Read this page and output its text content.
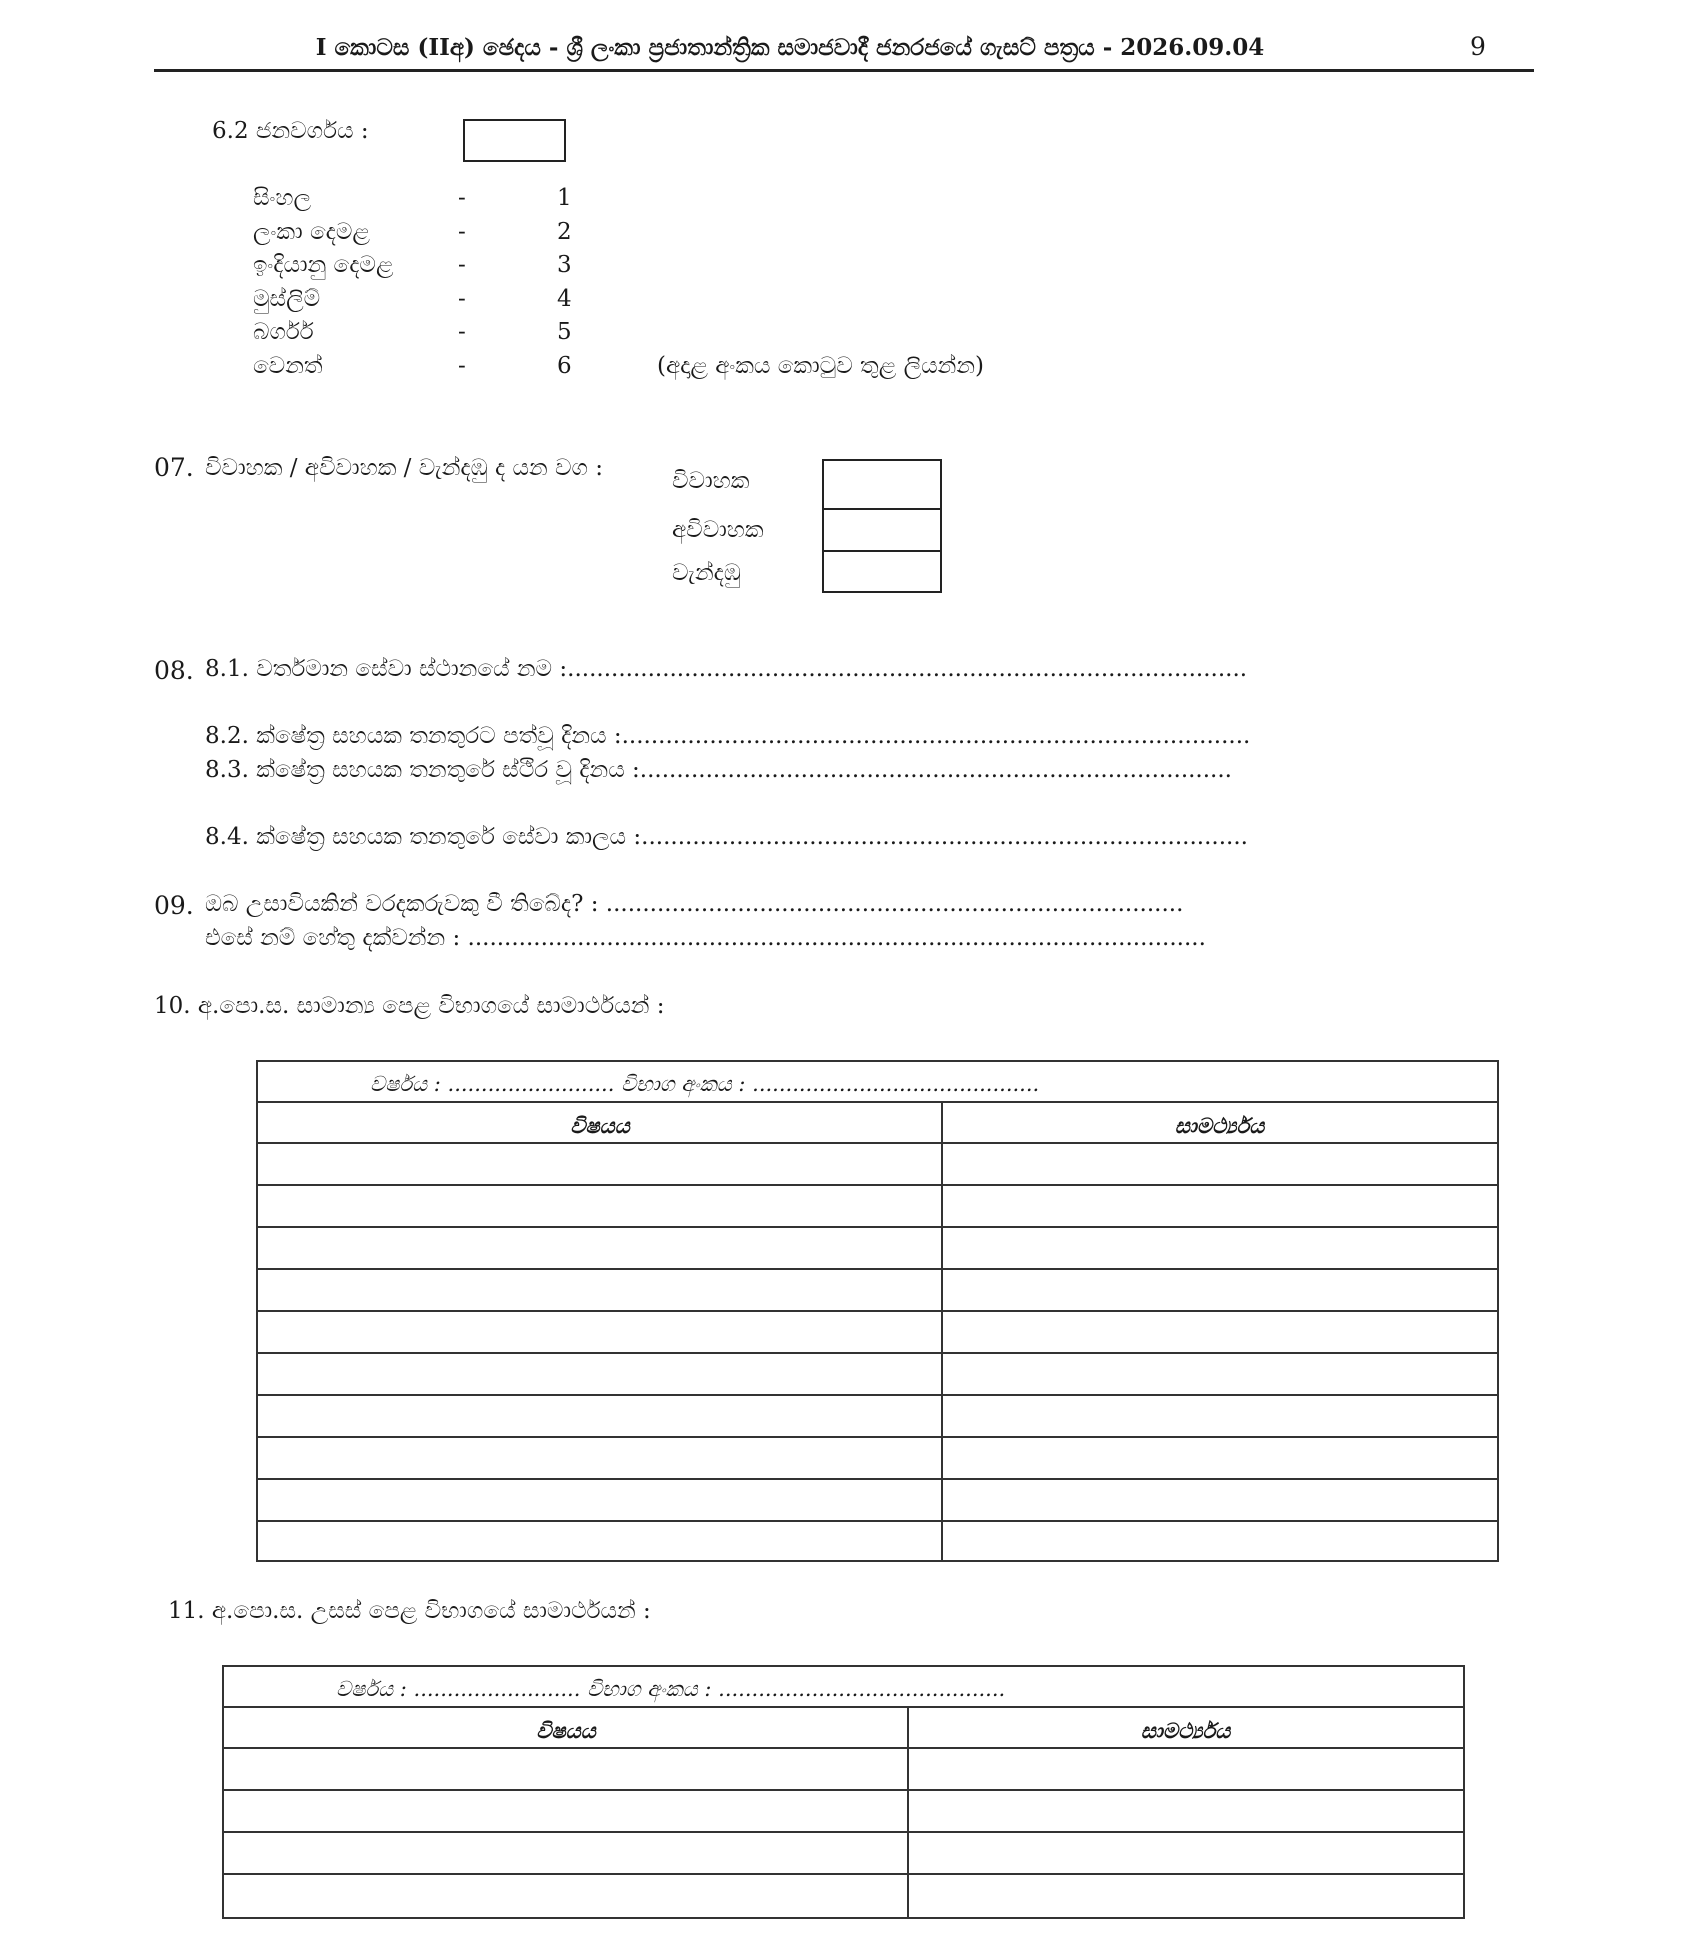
I කොටස (IIඅ) ඡෙදය - ශ්‍රී ලංකා ප්‍රජාතාන්ත්‍රික සමාජවාදී ජනරජයේ ගැසට් පත්‍රය - 2026.09.04	9
6.2 ජනවර්ගය :
සිංහල	-	1
ලංකා දෙමළ	-	2
ඉංදියානු දෙමළ	-	3
මුස්ලිම්	-	4
බර්ගර්	-	5
වෙනත්	-	6	(අදාළ අංකය කොටුව තුළ ලියන්න)
07. විවාහක / අවිවාහක / වැන්දඹු ද යන වග :	විවාහක
අවිවාහක
වැන්දඹු
08. 8.1. වර්තමාන සේවා ස්ථානයේ නම :.............................................................................................
8.2. ක්ෂේත්‍ර සහයක තනතුරට පත්වූ දිනය :......................................................................................
8.3. ක්ෂේත්‍ර සහයක තනතුරේ ස්ථිර වූ දිනය :.................................................................................
8.4. ක්ෂේත්‍ර සහයක තනතුරේ සේවා කාලය :...................................................................................
09. ඔබ උසාවියකින් වරදකරුවකු වී තිබේද? : ...............................................................................
එසේ නම් හේතු දක්වන්න : .....................................................................................................
10. අ.පො.ස. සාමාන්‍ය පෙළ විභාගයේ සාමාර්ථයන් :
වර්ෂය : ......................... විභාග අංකය : ...........................................
විෂයය	සාමර්ථ්‍යය
11. අ.පො.ස. උසස් පෙළ විභාගයේ සාමාර්ථයන් :
වර්ෂය : ......................... විභාග අංකය : ...........................................
විෂයය	සාමර්ථ්‍යය
